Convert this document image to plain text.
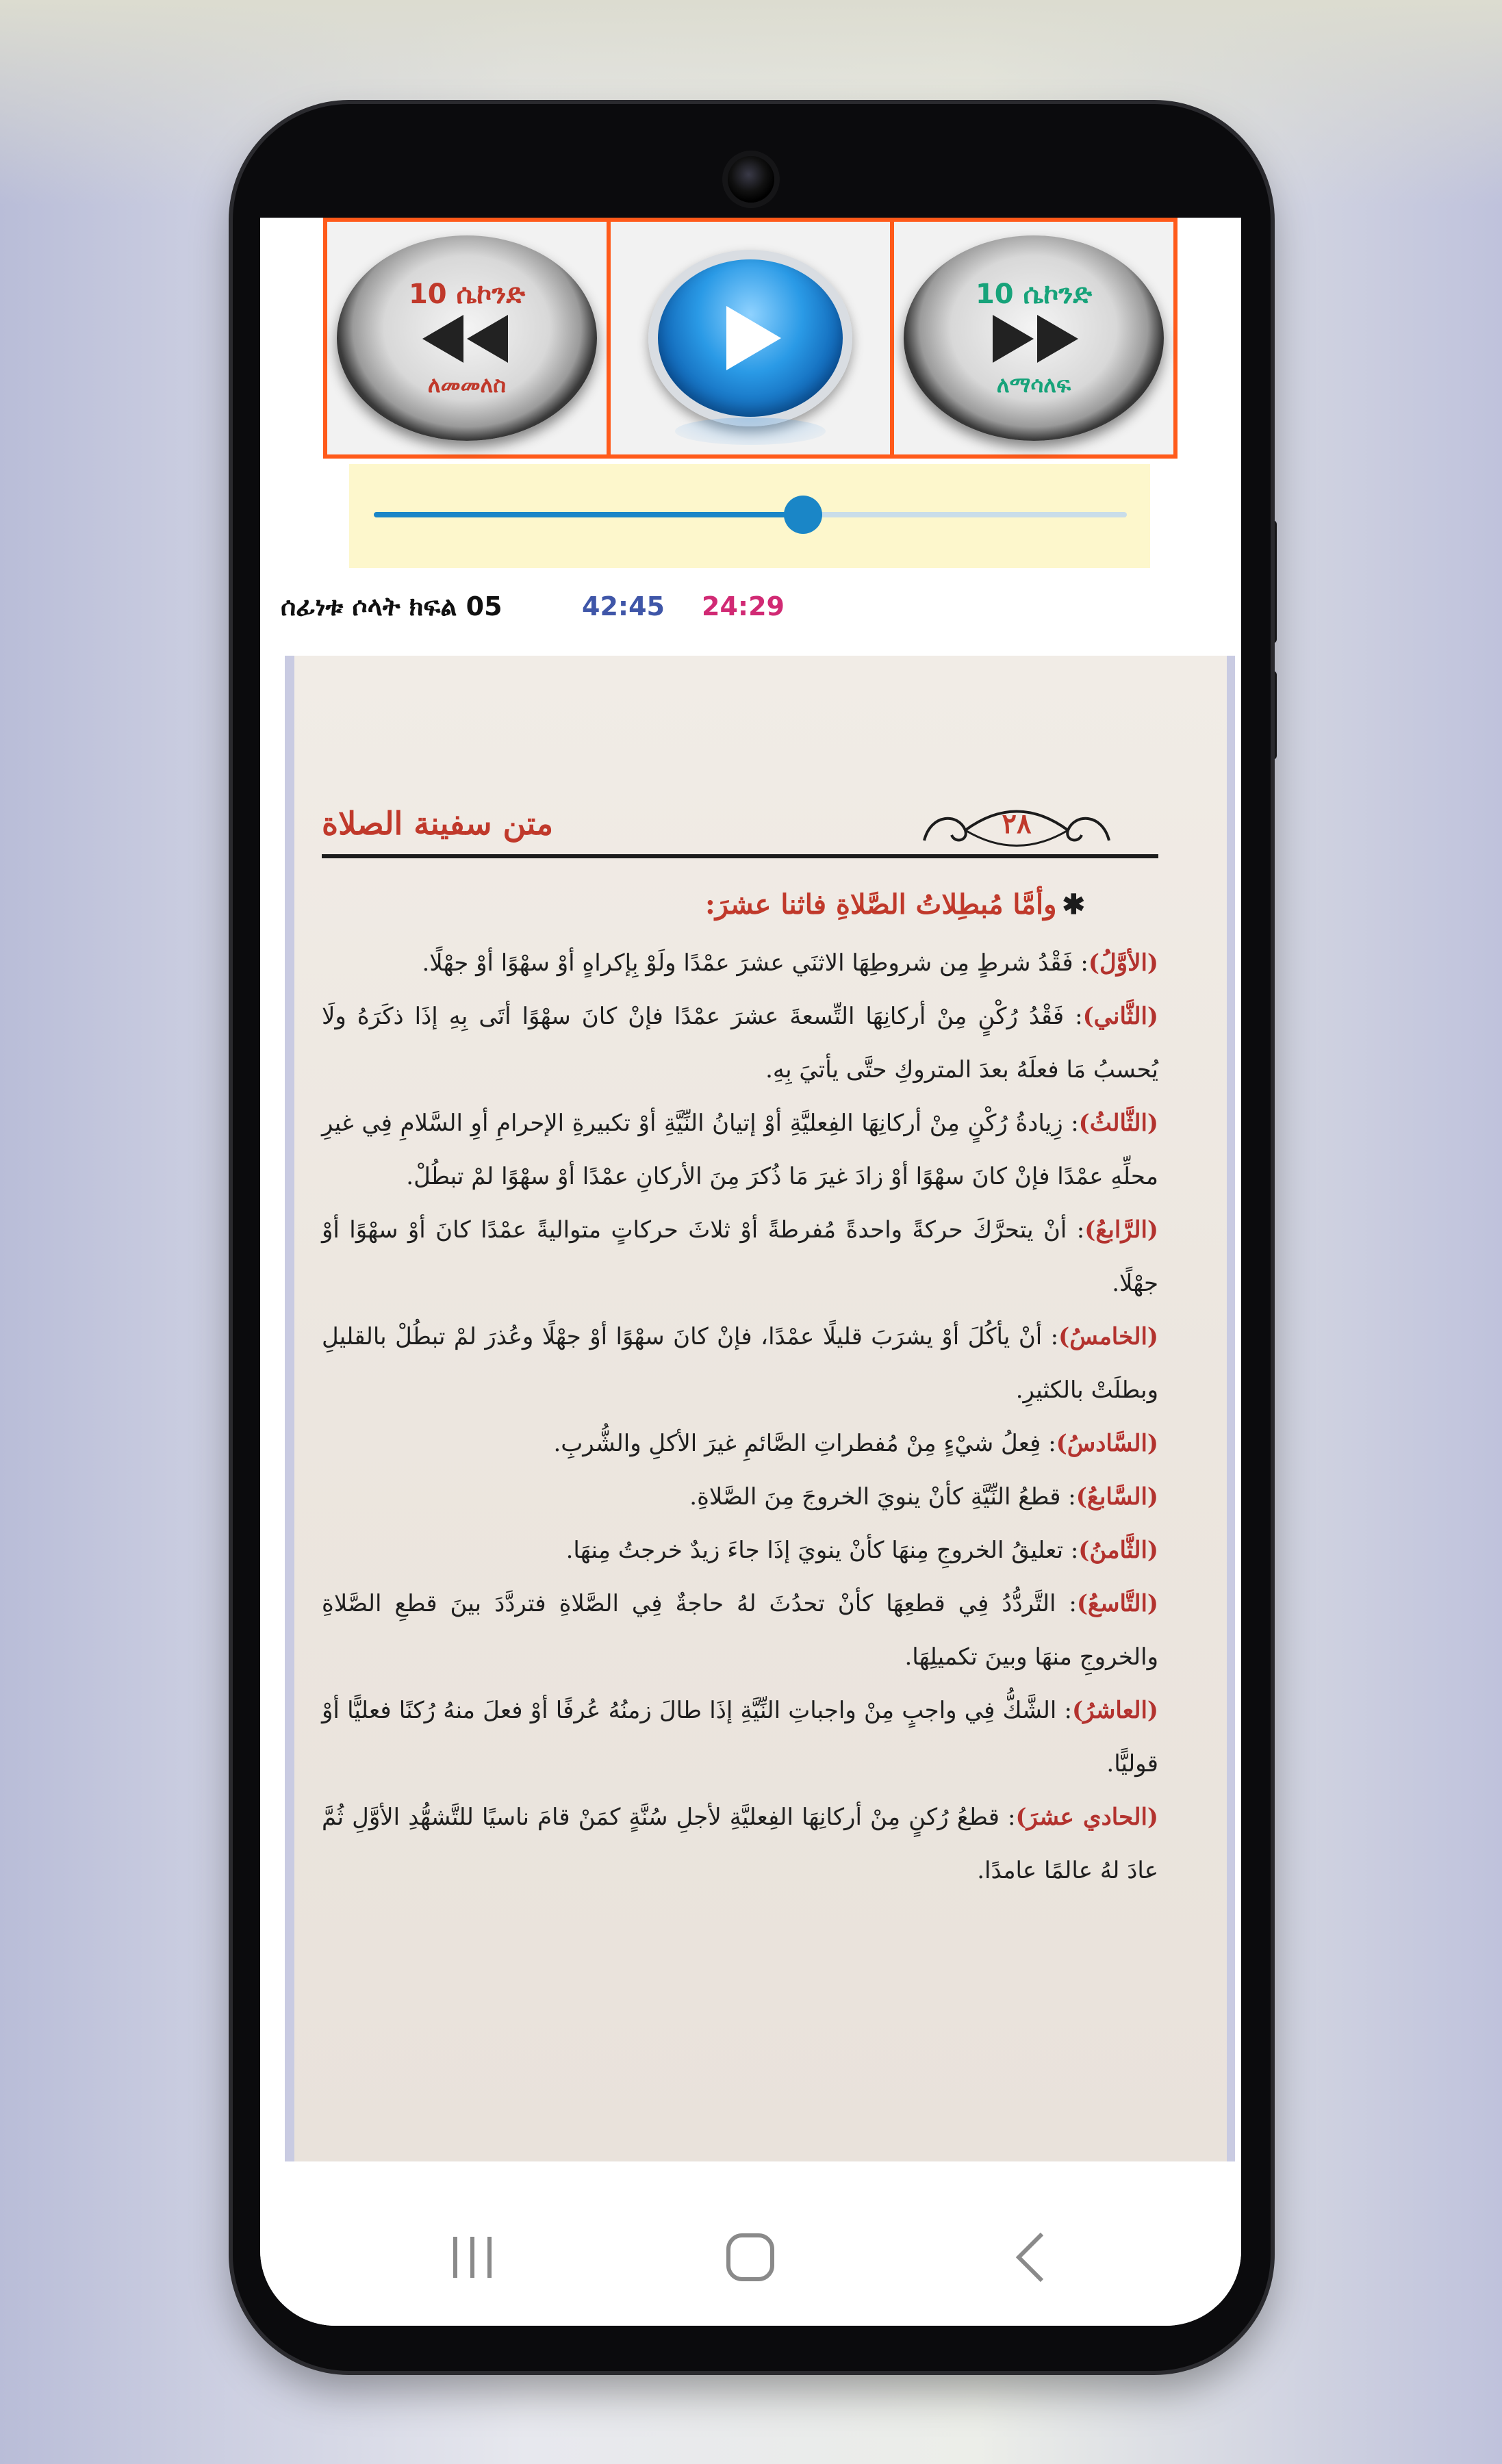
10 ሴኮንድ
ለመመለስ
10 ሴኮንድ
ለማሳለፍ
ሰፊነቱ ሶላት ክፍል 05	42:45 24:29
متن سفينة الصلاة	٢٨
✱وأمَّا مُبطِلاتُ الصَّلاةِ فاثنا عشرَ:

(الأوَّلُ): فَقْدُ شرطٍ مِن شروطِهَا الاثنَي عشرَ عمْدًا ولَوْ بِإكراهٍ أوْ سهْوًا أوْ جهْلًا.

(الثَّاني): فَقْدُ رُكْنٍ مِنْ أركانِهَا التِّسعةَ عشرَ عمْدًا فإنْ كانَ سهْوًا أتَى بِهِ إذَا ذكَرَهُ ولَا يُحسبُ مَا فعلَهُ بعدَ المتروكِ حتَّى يأتيَ بِهِ.

(الثَّالثُ): زِيادةُ رُكْنٍ مِنْ أركانِهَا الفِعليَّةِ أوْ إتيانُ النِّيَّةِ أوْ تكبيرةِ الإحرامِ أوِ السَّلامِ فِي غيرِ محلِّهِ عمْدًا فإنْ كانَ سهْوًا أوْ زادَ غيرَ مَا ذُكرَ مِنَ الأركانِ عمْدًا أوْ سهْوًا لمْ تبطُلْ.

(الرَّابعُ): أنْ يتحرَّكَ حركةً واحدةً مُفرطةً أوْ ثلاثَ حركاتٍ متواليةً عمْدًا كانَ أوْ سهْوًا أوْ جهْلًا.

(الخامسُ): أنْ يأكُلَ أوْ يشرَبَ قليلًا عمْدًا، فإنْ كانَ سهْوًا أوْ جهْلًا وعُذرَ لمْ تبطُلْ بالقليلِ وبطلَتْ بالكثيرِ.

(السَّادسُ): فِعلُ شيْءٍ مِنْ مُفطراتِ الصَّائمِ غيرَ الأكلِ والشُّربِ.

(السَّابعُ): قطعُ النِّيَّةِ كأنْ ينويَ الخروجَ مِنَ الصَّلاةِ.

(الثَّامنُ): تعليقُ الخروجِ مِنهَا كأنْ ينويَ إذَا جاءَ زيدٌ خرجتُ مِنهَا.

(التَّاسعُ): التَّردُّدُ فِي قطعِهَا كأنْ تحدُثَ لهُ حاجةٌ فِي الصَّلاةِ فتردَّدَ بينَ قطعِ الصَّلاةِ والخروجِ منهَا وبينَ تكميلِهَا.

(العاشرُ): الشَّكُّ فِي واجبٍ مِنْ واجباتِ النِّيَّةِ إذَا طالَ زمنُهُ عُرفًا أوْ فعلَ منهُ رُكنًا فعليًّا أوْ قوليًّا.

(الحادي عشرَ): قطعُ رُكنٍ مِنْ أركانِهَا الفِعليَّةِ لأجلِ سُنَّةٍ كمَنْ قامَ ناسيًا للتَّشهُّدِ الأوَّلِ ثُمَّ عادَ لهُ عالمًا عامدًا.
